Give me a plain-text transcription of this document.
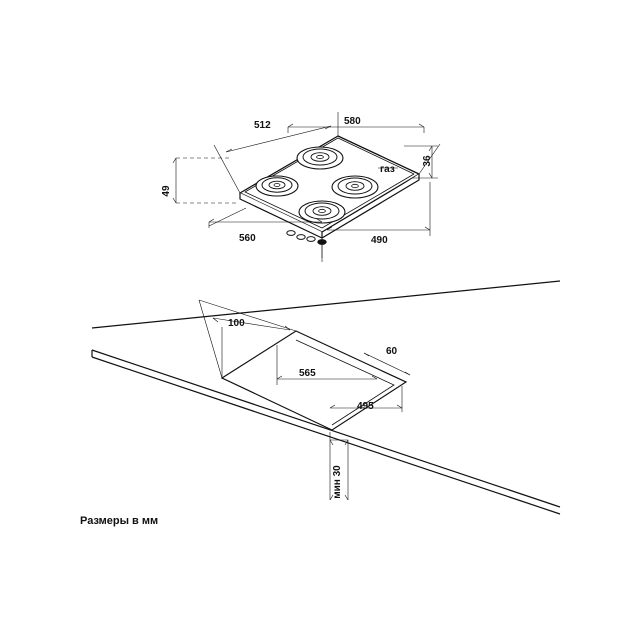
512	580
36
49
560	490
газ
100
565
60
495
мин 30
Размеры в мм
